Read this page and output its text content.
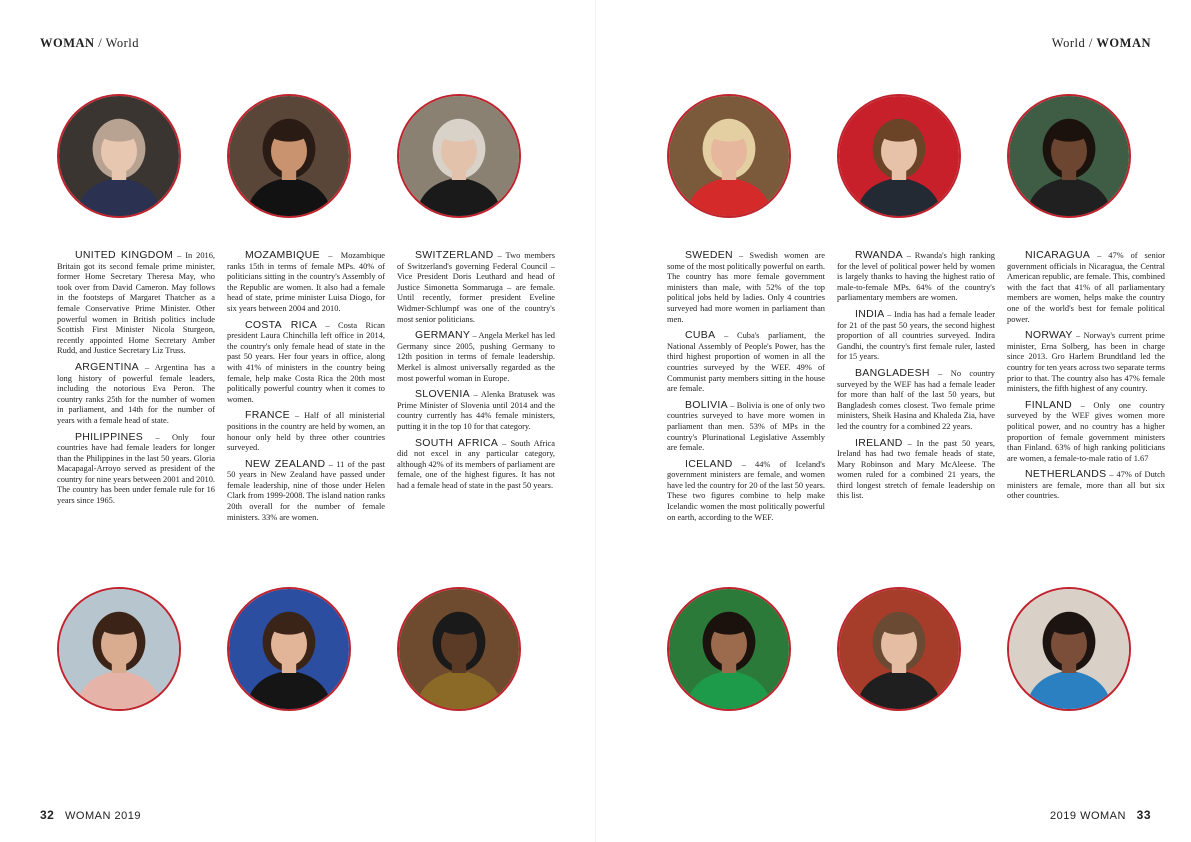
WOMAN / World	World / WOMAN

UNITED KINGDOM – In 2016, Britain got its second female prime minister, former Home Secretary Theresa May, who took over from David Cameron. May follows in the footsteps of Margaret Thatcher as a female Conservative Prime Minister. Other powerful women in British politics include Scottish First Minister Nicola Sturgeon, recently appointed Home Secretary Amber Rudd, and Justice Secretary Liz Truss.

ARGENTINA – Argentina has a long history of powerful female leaders, including the notorious Eva Peron. The country ranks 25th for the number of women in parliament, and 14th for the number of years with a female head of state.

PHILIPPINES – Only four countries have had female leaders for longer than the Philippines in the last 50 years. Gloria Macapagal-Arroyo served as president of the country for nine years between 2001 and 2010. The country has been under female rule for 16 years since 1965.

MOZAMBIQUE – Mozambique ranks 15th in terms of female MPs. 40% of politicians sitting in the country's Assembly of the Republic are women. It also had a female head of state, prime minister Luisa Diogo, for six years between 2004 and 2010.

COSTA RICA – Costa Rican president Laura Chinchilla left office in 2014, the country's only female head of state in the past 50 years. Her four years in office, along with 41% of ministers in the country being female, help make Costa Rica the 20th most politically powerful country when it comes to women.

FRANCE – Half of all ministerial positions in the country are held by women, an honour only held by three other countries surveyed.

NEW ZEALAND – 11 of the past 50 years in New Zealand have passed under female leadership, nine of those under Helen Clark from 1999-2008. The island nation ranks 20th overall for the number of female ministers. 33% are women.

SWITZERLAND – Two members of Switzerland's governing Federal Council – Vice President Doris Leuthard and head of Justice Simonetta Sommaruga – are female. Until recently, former president Eveline Widmer-Schlumpf was one of the country's most senior politicians.

GERMANY – Angela Merkel has led Germany since 2005, pushing Germany to 12th position in terms of female leadership. Merkel is almost universally regarded as the most powerful woman in Europe.

SLOVENIA – Alenka Bratusek was Prime Minister of Slovenia until 2014 and the country currently has 44% female ministers, putting it in the top 10 for that category.

SOUTH AFRICA – South Africa did not excel in any particular category, although 42% of its members of parliament are female, one of the highest figures. It has not had a female head of state in the past 50 years.

SWEDEN – Swedish women are some of the most politically powerful on earth. The country has more female government ministers than male, with 52% of the top political jobs held by ladies. Only 4 countries surveyed had more women in parliament than men.

CUBA – Cuba's parliament, the National Assembly of People's Power, has the third highest proportion of women in all the countries surveyed by the WEF. 49% of Communist party members sitting in the house are female.

BOLIVIA – Bolivia is one of only two countries surveyed to have more women in parliament than men. 53% of MPs in the country's Plurinational Legislative Assembly are female.

ICELAND – 44% of Iceland's government ministers are female, and women have led the country for 20 of the last 50 years. These two figures combine to help make Icelandic women the most politically powerful on earth, according to the WEF.

RWANDA – Rwanda's high ranking for the level of political power held by women is largely thanks to having the highest ratio of male-to-female MPs. 64% of the country's parliamentary members are women.

INDIA – India has had a female leader for 21 of the past 50 years, the second highest proportion of all countries surveyed. Indira Gandhi, the country's first female ruler, lasted for 15 years.

BANGLADESH – No country surveyed by the WEF has had a female leader for more than half of the last 50 years, but Bangladesh comes closest. Two female prime ministers, Sheik Hasina and Khaleda Zia, have led the country for a combined 22 years.

IRELAND – In the past 50 years, Ireland has had two female heads of state, Mary Robinson and Mary McAleese. The women ruled for a combined 21 years, the third longest stretch of female leadership on this list.

NICARAGUA – 47% of senior government officials in Nicaragua, the Central American republic, are female. This, combined with the fact that 41% of all parliamentary members are women, helps make the country one of the world's best for female political power.

NORWAY – Norway's current prime minister, Erna Solberg, has been in charge since 2013. Gro Harlem Brundtland led the country for ten years across two separate terms prior to that. The country also has 47% female ministers, the fifth highest of any country.

FINLAND – Only one country surveyed by the WEF gives women more political power, and no country has a higher proportion of female government ministers than Finland. 63% of high ranking politicians are women, a female-to-male ratio of 1.67

NETHERLANDS – 47% of Dutch ministers are female, more than all but six other countries.

32 WOMAN 2019	2019 WOMAN 33
